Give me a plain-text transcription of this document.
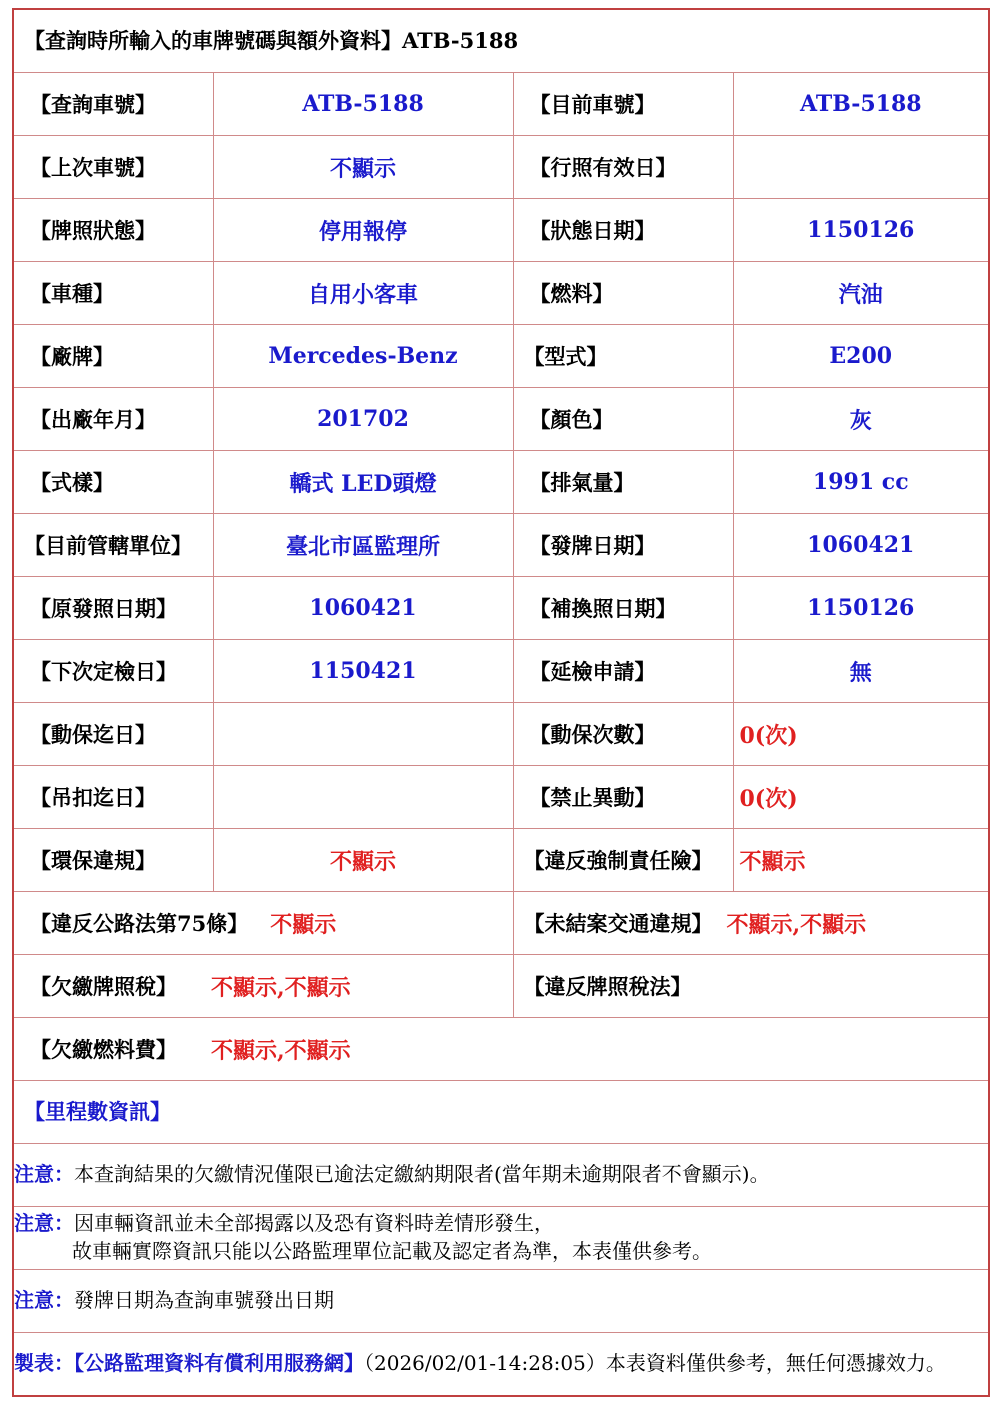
【查詢時所輸入的車牌號碼與額外資料】ATB-5188			

【查詢車號】	ATB-5188	【目前車號】	ATB-5188

【上次車號】	不顯示	【行照有效日】	

【牌照狀態】	停用報停	【狀態日期】	1150126

【車種】	自用小客車	【燃料】	汽油

【廠牌】	Mercedes-Benz	【型式】	E200

【出廠年月】	201702	【顏色】	灰

【式樣】	轎式 LED頭燈	【排氣量】	1991 cc

【目前管轄單位】	臺北市區監理所	【發牌日期】	1060421

【原發照日期】	1060421	【補換照日期】	1150126

【下次定檢日】	1150421	【延檢申請】	無

【動保迄日】		【動保次數】	0(次)

【吊扣迄日】		【禁止異動】	0(次)

【環保違規】	不顯示	【違反強制責任險】	不顯示

【違反公路法第75條】 不顯示		【未結案交通違規】 不顯示,不顯示	

【欠繳牌照稅】 不顯示,不顯示		【違反牌照稅法】	

【欠繳燃料費】 不顯示,不顯示			

【里程數資訊】			

注意：本查詢結果的欠繳情況僅限已逾法定繳納期限者(當年期未逾期限者不會顯示)。			

注意：因車輛資訊並未全部揭露以及恐有資料時差情形發生，
故車輛實際資訊只能以公路監理單位記載及認定者為準，本表僅供參考。			

注意：發牌日期為查詢車號發出日期			

製表：【公路監理資料有償利用服務網】（2026/02/01-14:28:05）本表資料僅供參考，無任何憑據效力。			
